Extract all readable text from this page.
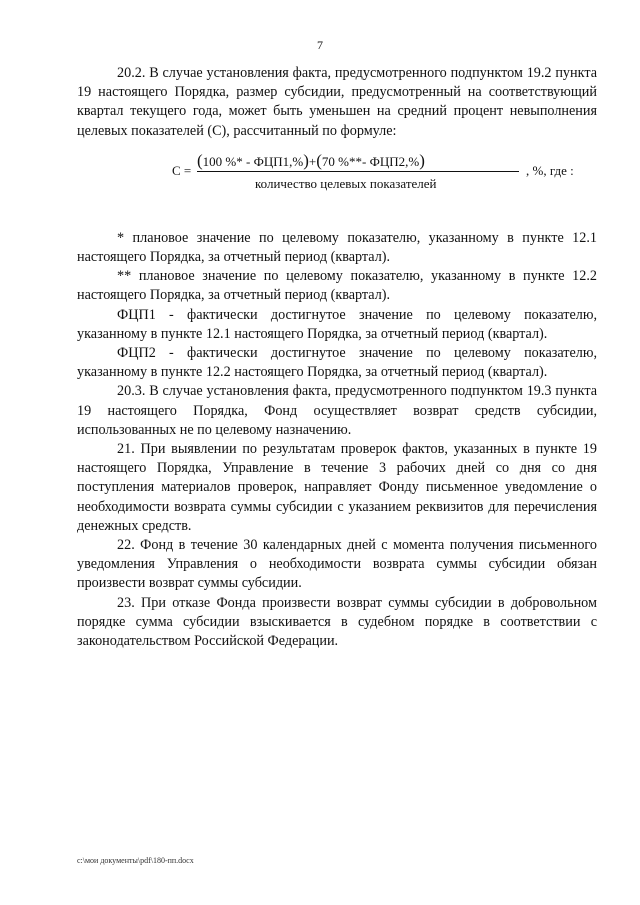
7

20.2. В случае установления факта, предусмотренного подпунктом 19.2 пункта 19 настоящего Порядка, размер субсидии, предусмотренный на соответствующий квартал текущего года, может быть уменьшен на средний процент невыполнения целевых показателей (С), рассчитанный по формуле:

С =
(100 %* - ФЦП1,%)+(70 %**- ФЦП2,%)
количество целевых показателей
, %, где :

* плановое значение по целевому показателю, указанному в пункте 12.1 настоящего Порядка, за отчетный период (квартал).

** плановое значение по целевому показателю, указанному в пункте 12.2 настоящего Порядка, за отчетный период (квартал).

ФЦП1 - фактически достигнутое значение по целевому показателю, указанному в пункте 12.1 настоящего Порядка, за отчетный период (квартал).

ФЦП2 - фактически достигнутое значение по целевому показателю, указанному в пункте 12.2 настоящего Порядка, за отчетный период (квартал).

20.3. В случае установления факта, предусмотренного подпунктом 19.3 пункта 19 настоящего Порядка, Фонд осуществляет возврат средств субсидии, использованных не по целевому назначению.

21. При выявлении по результатам проверок фактов, указанных в пункте 19 настоящего Порядка, Управление в течение 3 рабочих дней со дня со дня поступления материалов проверок, направляет Фонду письменное уведомление о необходимости возврата суммы субсидии с указанием реквизитов для перечисления денежных средств.

22. Фонд в течение 30 календарных дней с момента получения письменного уведомления Управления о необходимости возврата суммы субсидии обязан произвести возврат суммы субсидии.

23. При отказе Фонда произвести возврат суммы субсидии в добровольном порядке сумма субсидии взыскивается в судебном порядке в соответствии с законодательством Российской Федерации.

c:\мои документы\pdf\180-пп.docx
